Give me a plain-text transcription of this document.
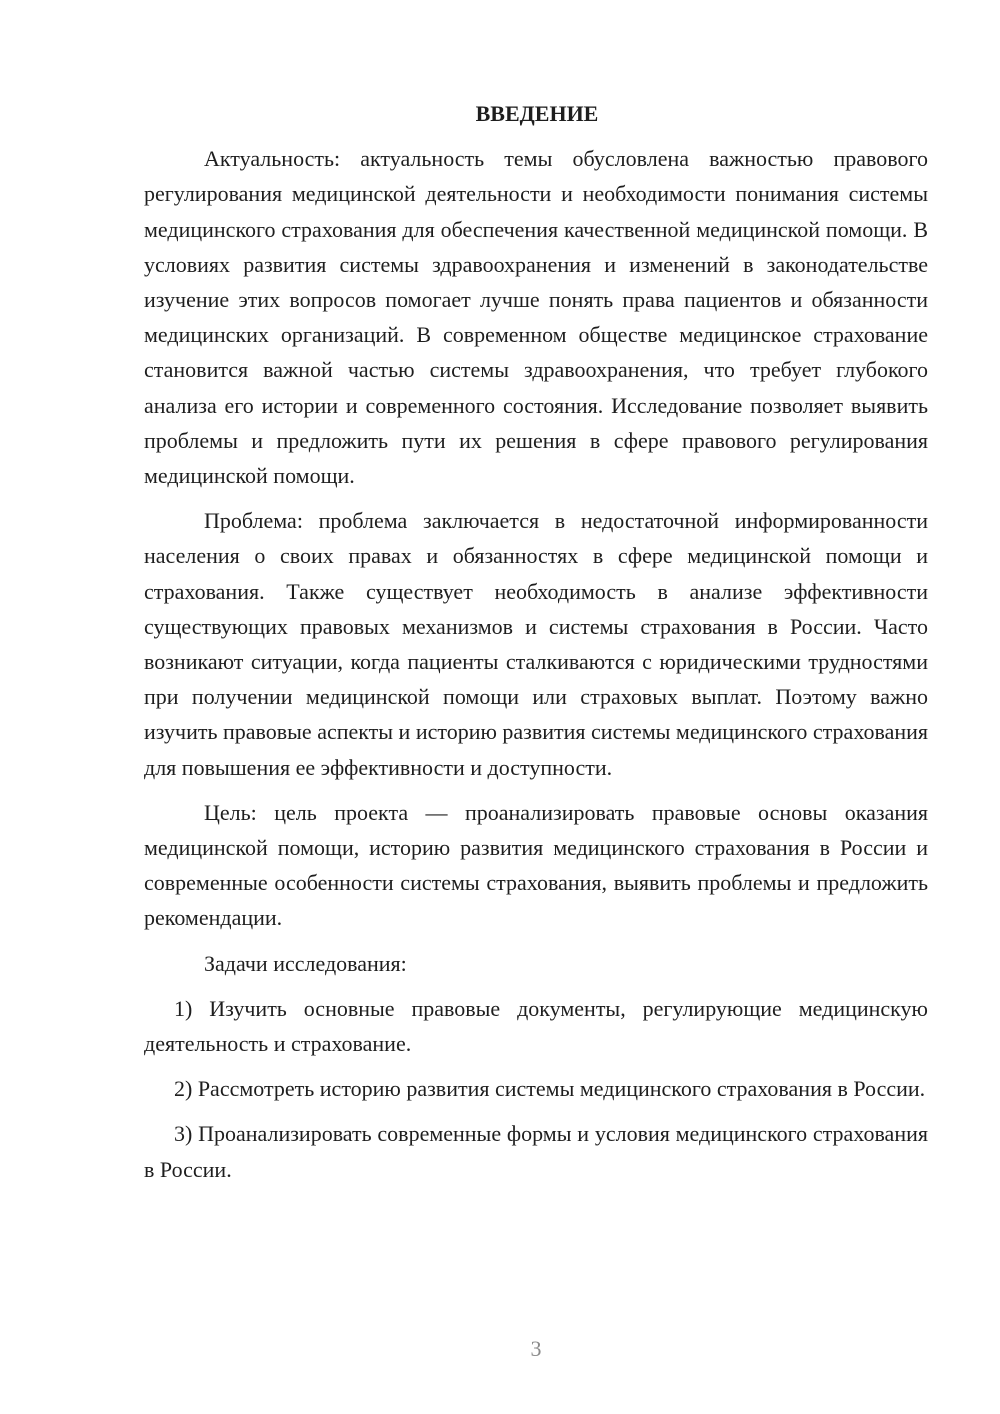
ВВЕДЕНИЕ

Актуальность: актуальность темы обусловлена важностью правового регулирования медицинской деятельности и необходимости понимания системы медицинского страхования для обеспечения качественной медицинской помощи. В условиях развития системы здравоохранения и изменений в законодательстве изучение этих вопросов помогает лучше понять права пациентов и обязанности медицинских организаций. В современном обществе медицинское страхование становится важной частью системы здравоохранения, что требует глубокого анализа его истории и современного состояния. Исследование позволяет выявить проблемы и предложить пути их решения в сфере правового регулирования медицинской помощи.

Проблема: проблема заключается в недостаточной информированности населения о своих правах и обязанностях в сфере медицинской помощи и страхования. Также существует необходимость в анализе эффективности существующих правовых механизмов и системы страхования в России. Часто возникают ситуации, когда пациенты сталкиваются с юридическими трудностями при получении медицинской помощи или страховых выплат. Поэтому важно изучить правовые аспекты и историю развития системы медицинского страхования для повышения ее эффективности и доступности.

Цель: цель проекта — проанализировать правовые основы оказания медицинской помощи, историю развития медицинского страхования в России и современные особенности системы страхования, выявить проблемы и предложить рекомендации.

Задачи исследования:

1) Изучить основные правовые документы, регулирующие медицинскую деятельность и страхование.

2) Рассмотреть историю развития системы медицинского страхования в России.

3) Проанализировать современные формы и условия медицинского страхования в России.

3
